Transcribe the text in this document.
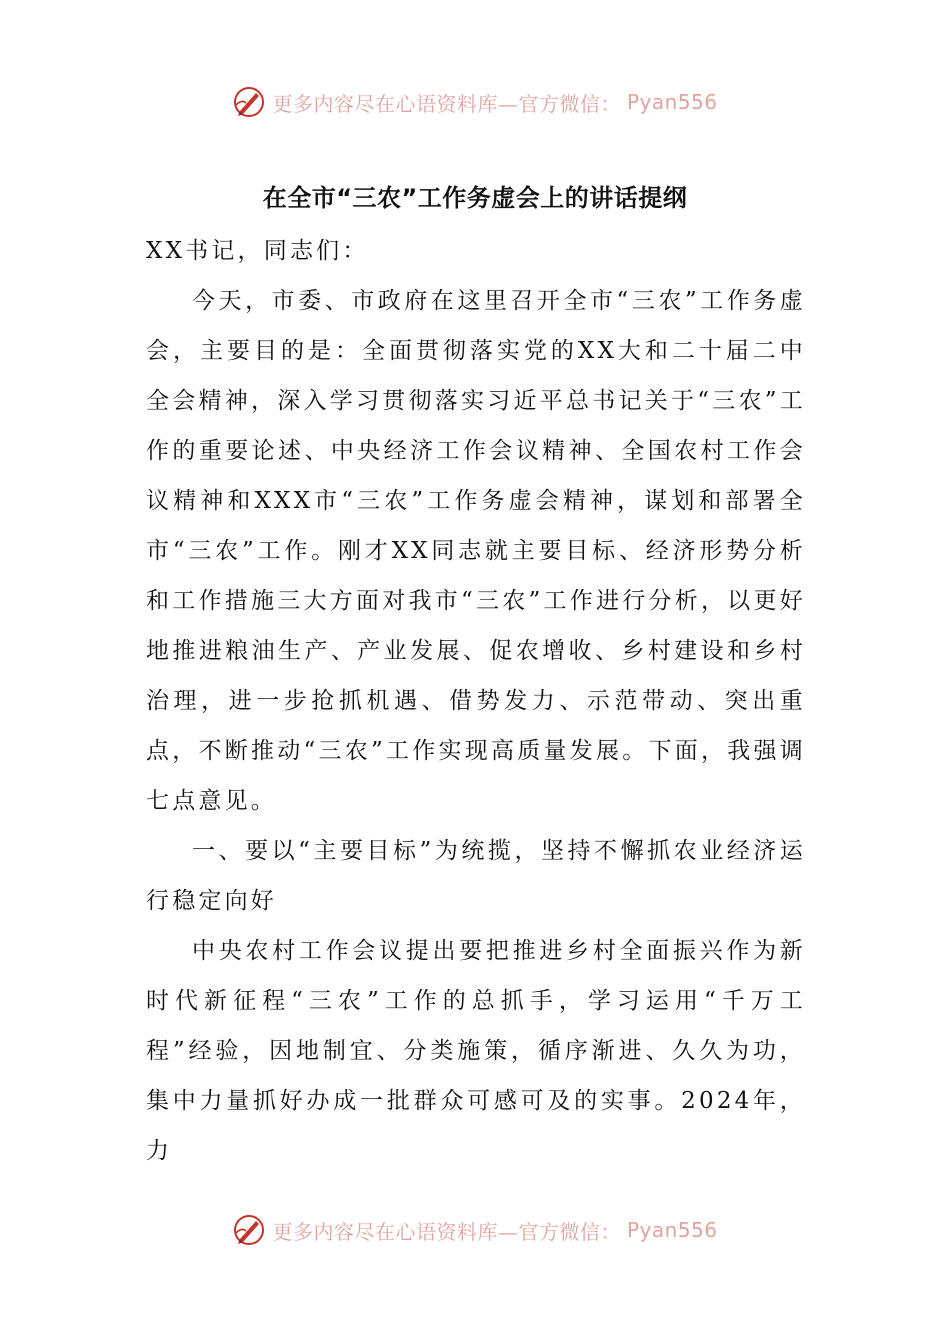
更多内容尽在心语资料库—官方微信： Pyan556
在全市“三农”工作务虚会上的讲话提纲

XX书记，同志们：

今天，市委、市政府在这里召开全市“三农”工作务虚会，主要目的是：全面贯彻落实党的XX大和二十届二中全会精神，深入学习贯彻落实习近平总书记关于“三农”工作的重要论述、中央经济工作会议精神、全国农村工作会议精神和XXX市“三农”工作务虚会精神，谋划和部署全市“三农”工作。刚才XX同志就主要目标、经济形势分析和工作措施三大方面对我市“三农”工作进行分析，以更好地推进粮油生产、产业发展、促农增收、乡村建设和乡村治理，进一步抢抓机遇、借势发力、示范带动、突出重点，不断推动“三农”工作实现高质量发展。下面，我强调七点意见。

一、要以“主要目标”为统揽，坚持不懈抓农业经济运行稳定向好

中央农村工作会议提出要把推进乡村全面振兴作为新时代新征程“三农”工作的总抓手，学习运用“千万工程”经验，因地制宜、分类施策，循序渐进、久久为功，集中力量抓好办成一批群众可感可及的实事。2024年，力

更多内容尽在心语资料库—官方微信： Pyan556
